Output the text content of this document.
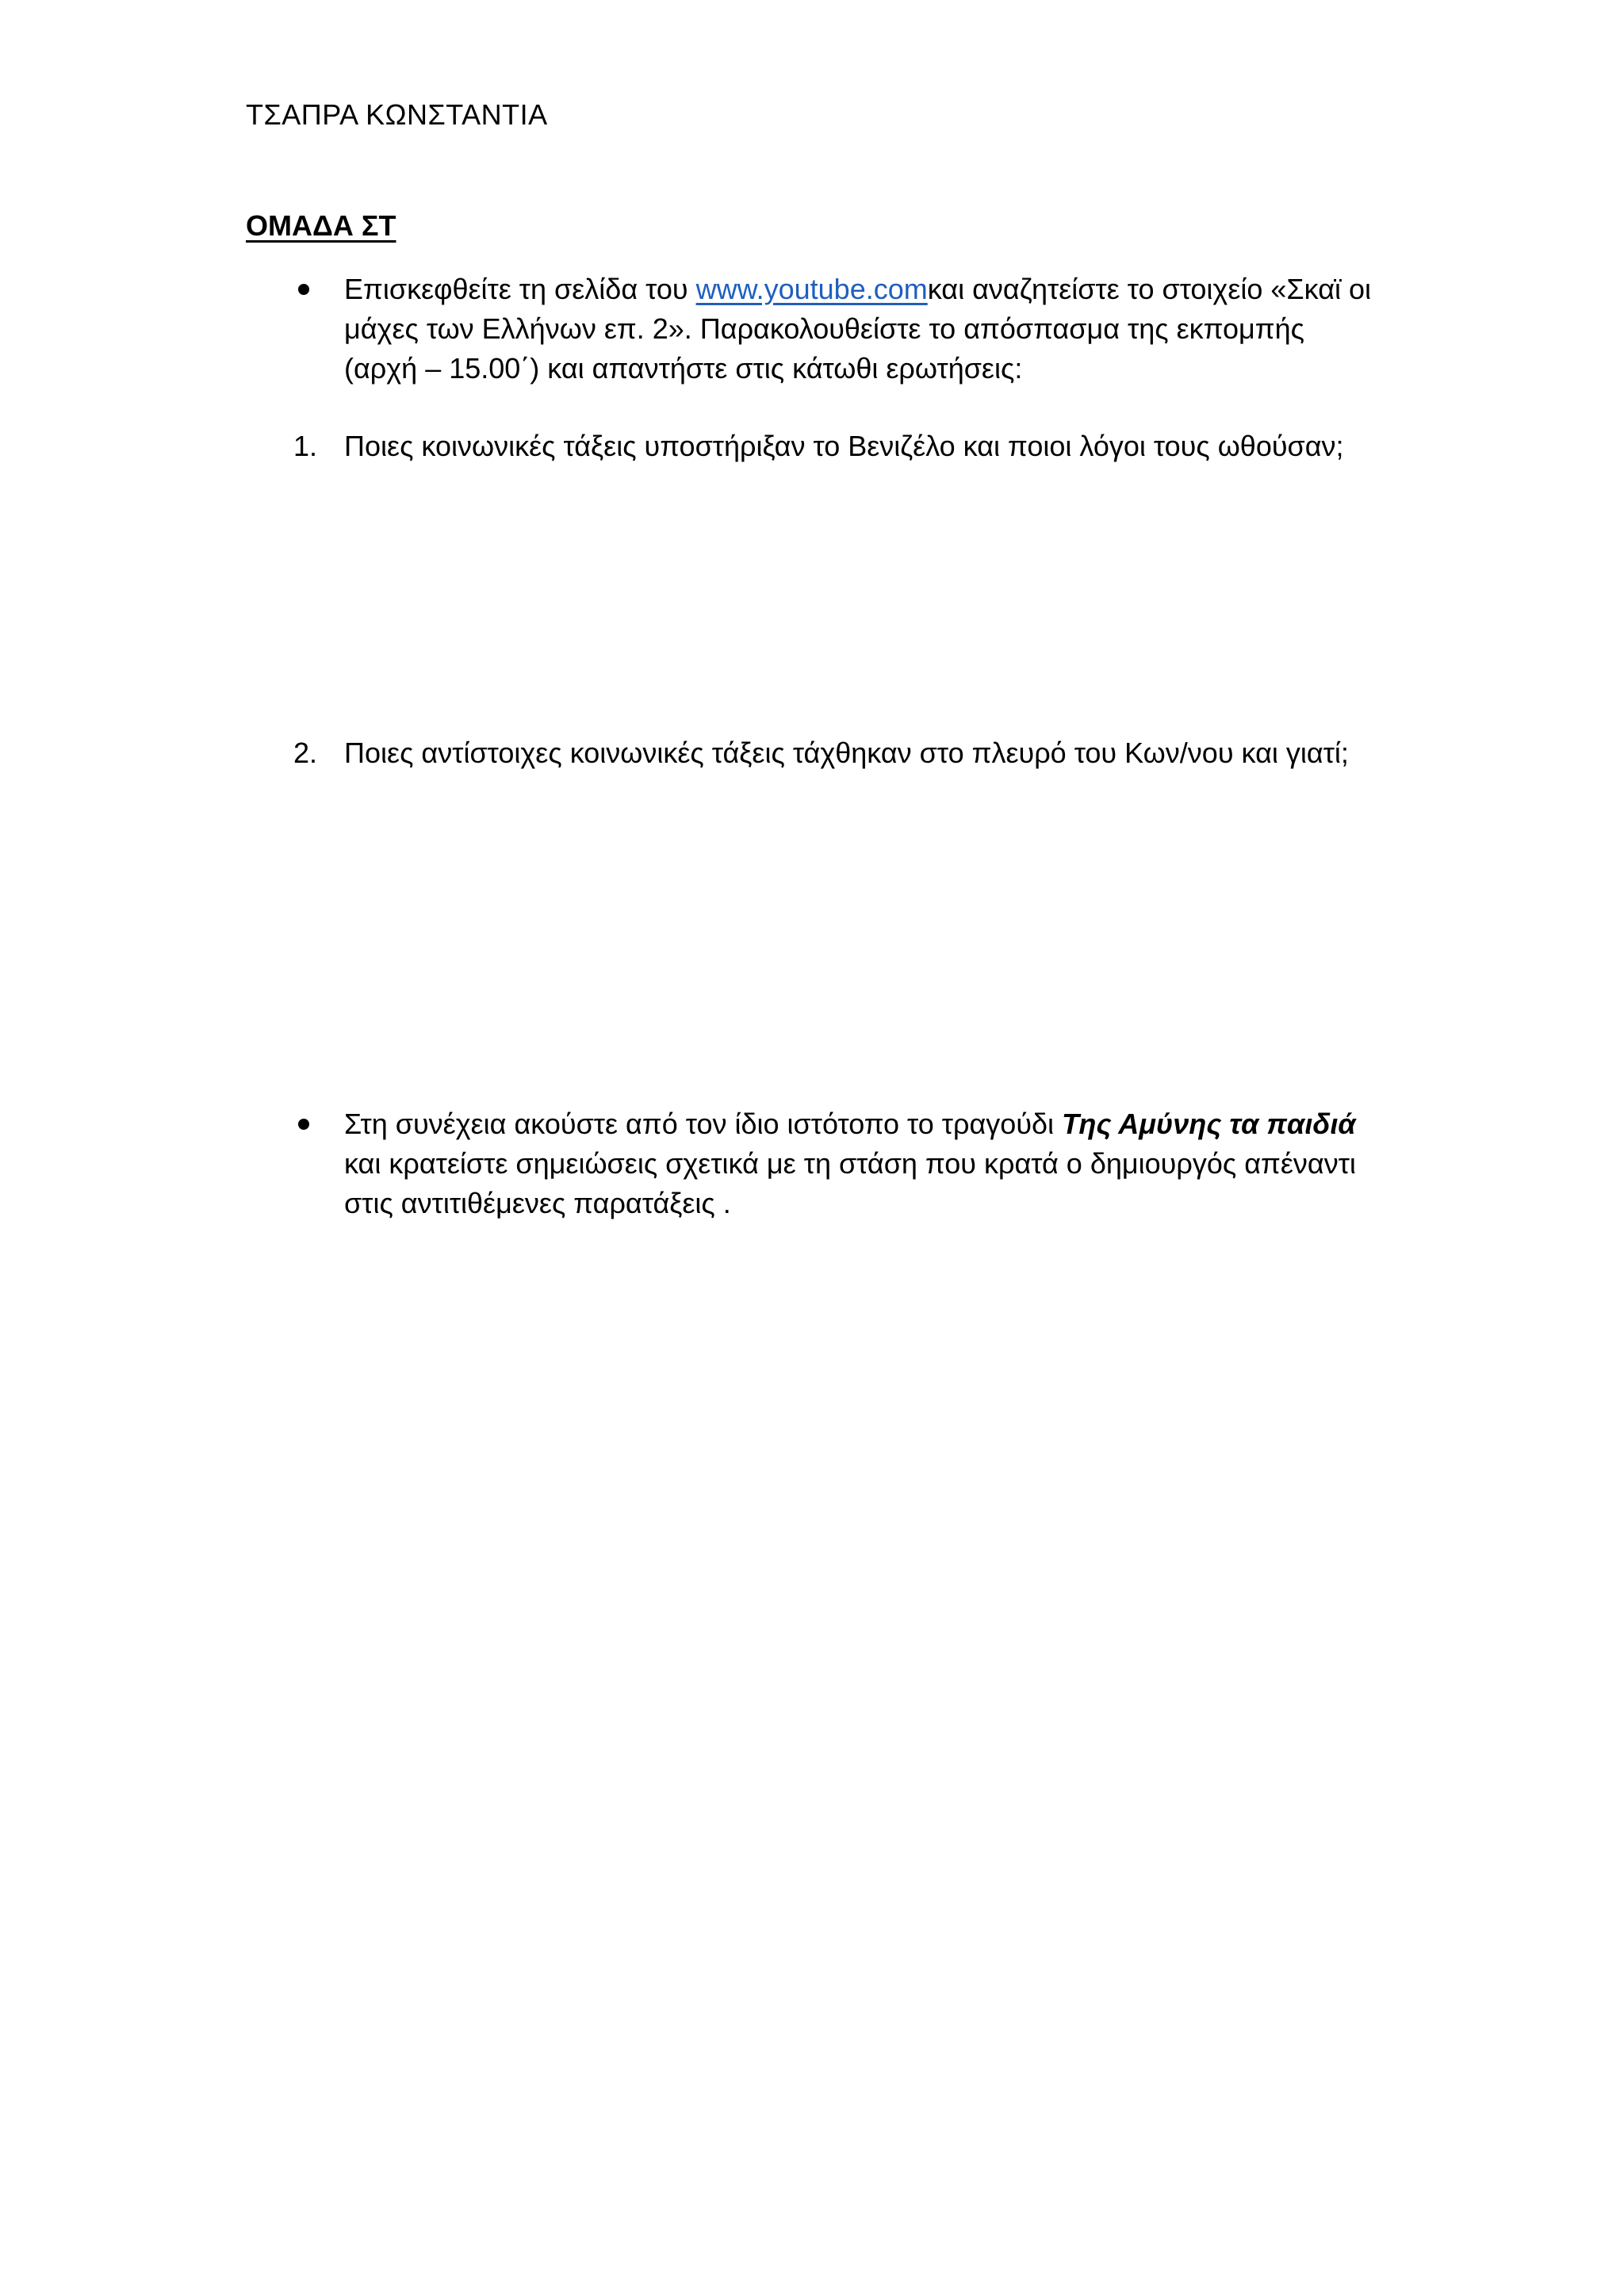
ΤΣΑΠΡΑ ΚΩΝΣΤΑΝΤΙΑ
ΟΜΑΔΑ ΣΤ
Επισκεφθείτε τη σελίδα του www.youtube.comκαι αναζητείστε το στοιχείο «Σκαϊ οι μάχες των Ελλήνων επ. 2». Παρακολουθείστε το απόσπασμα της εκπομπής (αρχή – 15.00΄) και απαντήστε στις κάτωθι ερωτήσεις:
1. Ποιες κοινωνικές τάξεις υποστήριξαν το Βενιζέλο και ποιοι λόγοι τους ωθούσαν;
2. Ποιες αντίστοιχες κοινωνικές τάξεις τάχθηκαν στο πλευρό του Κων/νου και γιατί;
Στη συνέχεια ακούστε από τον ίδιο ιστότοπο το τραγούδι Της Αμύνης τα παιδιά και κρατείστε σημειώσεις σχετικά με τη στάση που κρατά ο δημιουργός απέναντι στις αντιτιθέμενες παρατάξεις .
